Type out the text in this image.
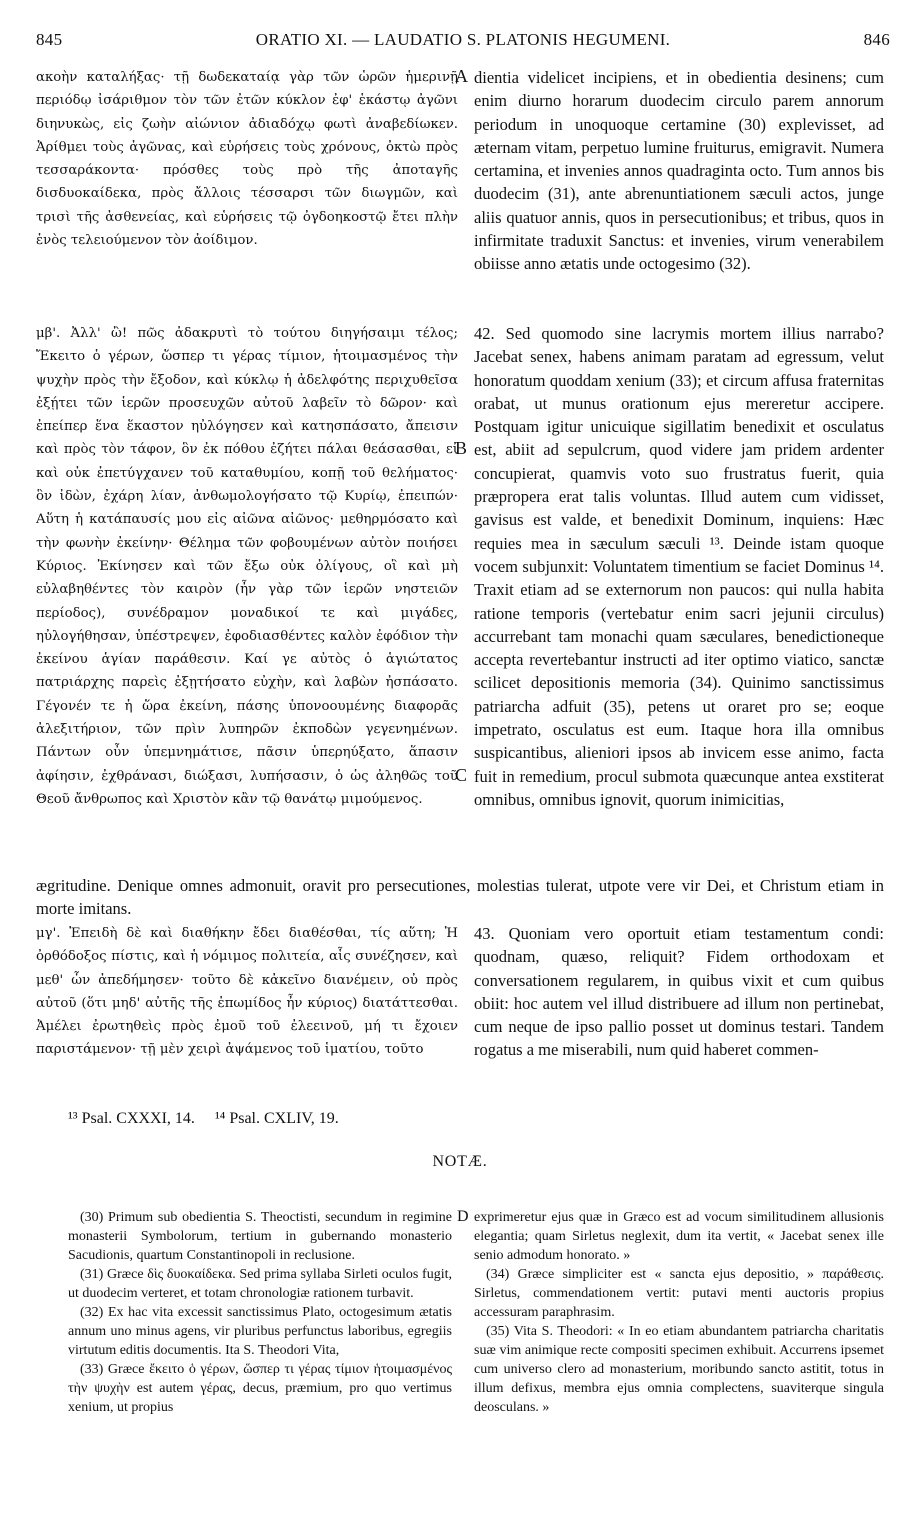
845	ORATIO XI. — LAUDATIO S. PLATONIS HEGUMENI.	846

ακοὴν καταλήξας· τῇ δωδεκαταίᾳ γὰρ τῶν ὡρῶν ἡμερινῇ περιόδῳ ἰσάριθμον τὸν τῶν ἐτῶν κύκλον ἐφ' ἑκάστῳ ἀγῶνι διηνυκὼς, εἰς ζωὴν αἰώνιον ἀδιαδόχῳ φωτὶ ἀναβεδίωκεν. Ἀρίθμει τοὺς ἀγῶνας, καὶ εὑρήσεις τοὺς χρόνους, ὀκτὼ πρὸς τεσσαράκοντα· πρόσθες τοὺς πρὸ τῆς ἀποταγῆς δισδυοκαίδεκα, πρὸς ἄλλοις τέσσαρσι τῶν διωγμῶν, καὶ τρισὶ τῆς ἀσθενείας, καὶ εὑρήσεις τῷ ὀγδοηκοστῷ ἔτει πλὴν ἑνὸς τελειούμενον τὸν ἀοίδιμον.

dientia videlicet incipiens, et in obedientia desinens; cum enim diurno horarum duodecim circulo parem annorum periodum in unoquoque certamine (30) explevisset, ad æternam vitam, perpetuo lumine fruiturus, emigravit. Numera certamina, et invenies annos quadraginta octo. Tum annos bis duodecim (31), ante abrenuntiationem sæculi actos, junge aliis quatuor annis, quos in persecutionibus; et tribus, quos in infirmitate traduxit Sanctus: et invenies, virum venerabilem obiisse anno ætatis unde octogesimo (32).

μβ'. Ἀλλ' ὢ! πῶς ἀδακρυτὶ τὸ τούτου διηγήσαιμι τέλος; Ἔκειτο ὁ γέρων, ὥσπερ τι γέρας τίμιον, ἡτοιμασμένος τὴν ψυχὴν πρὸς τὴν ἔξοδον, καὶ κύκλῳ ἡ ἀδελφότης περιχυθεῖσα ἐξῄτει τῶν ἱερῶν προσευχῶν αὐτοῦ λαβεῖν τὸ δῶρον· καὶ ἐπείπερ ἕνα ἕκαστον ηὐλόγησεν καὶ κατησπάσατο, ἄπεισιν καὶ πρὸς τὸν τάφον, ὃν ἐκ πόθου ἐζήτει πάλαι θεάσασθαι, εἰ καὶ οὐκ ἐπετύγχανεν τοῦ καταθυμίου, κοπῇ τοῦ θελήματος· ὃν ἰδὼν, ἐχάρη λίαν, ἀνθωμολογήσατο τῷ Κυρίῳ, ἐπειπών· Αὕτη ἡ κατάπαυσίς μου εἰς αἰῶνα αἰῶνος· μεθηρμόσατο καὶ τὴν φωνὴν ἐκείνην· Θέλημα τῶν φοβουμένων αὐτὸν ποιήσει Κύριος. Ἐκίνησεν καὶ τῶν ἔξω οὐκ ὀλίγους, οἳ καὶ μὴ εὐλαβηθέντες τὸν καιρὸν (ἦν γὰρ τῶν ἱερῶν νηστειῶν περίοδος), συνέδραμον μοναδικοί τε καὶ μιγάδες, ηὐλογήθησαν, ὑπέστρεψεν, ἐφοδιασθέντες καλὸν ἐφόδιον τὴν ἐκείνου ἁγίαν παράθεσιν. Καί γε αὐτὸς ὁ ἁγιώτατος πατριάρχης παρεὶς ἐξῃτήσατο εὐχὴν, καὶ λαβὼν ἠσπάσατο. Γέγονέν τε ἡ ὥρα ἐκείνη, πάσης ὑπονοουμένης διαφορᾶς ἀλεξιτήριον, τῶν πρὶν λυπηρῶν ἐκποδὼν γεγενημένων. Πάντων οὖν ὑπεμνημάτισε, πᾶσιν ὑπερηύξατο, ἅπασιν ἀφίησιν, ἐχθράνασι, διώξασι, λυπήσασιν, ὁ ὡς ἀληθῶς τοῦ Θεοῦ ἄνθρωπος καὶ Χριστὸν κἂν τῷ θανάτῳ μιμούμενος.

42. Sed quomodo sine lacrymis mortem illius narrabo? Jacebat senex, habens animam paratam ad egressum, velut honoratum quoddam xenium (33); et circum affusa fraternitas orabat, ut munus orationum ejus mereretur accipere. Postquam igitur unicuique sigillatim benedixit et osculatus est, abiit ad sepulcrum, quod videre jam pridem ardenter concupierat, quamvis voto suo frustratus fuerit, quia præpropera erat talis voluntas. Illud autem cum vidisset, gavisus est valde, et benedixit Dominum, inquiens: Hæc requies mea in sæculum sæculi ¹³. Deinde istam quoque vocem subjunxit: Voluntatem timentium se faciet Dominus ¹⁴. Traxit etiam ad se externorum non paucos: qui nulla habita ratione temporis (vertebatur enim sacri jejunii circulus) accurrebant tam monachi quam sæculares, benedictioneque accepta revertebantur instructi ad iter optimo viatico, sanctæ scilicet depositionis memoria (34). Quinimo sanctissimus patriarcha adfuit (35), petens ut oraret pro se; eoque impetrato, osculatus est eum. Itaque hora illa omnibus suspicantibus, alieniori ipsos ab invicem esse animo, facta fuit in remedium, procul submota quæcunque antea exstiterat omnibus, omnibus ignovit, quorum inimicitias,

ægritudine. Denique omnes admonuit, oravit pro persecutiones, molestias tulerat, utpote vere vir Dei, et Christum etiam in morte imitans.

μγ'. Ἐπειδὴ δὲ καὶ διαθήκην ἔδει διαθέσθαι, τίς αὕτη; Ἡ ὀρθόδοξος πίστις, καὶ ἡ νόμιμος πολιτεία, αἷς συνέζησεν, καὶ μεθ' ὧν ἀπεδήμησεν· τοῦτο δὲ κἀκεῖνο διανέμειν, οὐ πρὸς αὐτοῦ (ὅτι μηδ' αὐτῆς τῆς ἐπωμίδος ἦν κύριος) διατάττεσθαι. Ἀμέλει ἐρωτηθεὶς πρὸς ἐμοῦ τοῦ ἐλεεινοῦ, μή τι ἔχοιεν παριστάμενον· τῇ μὲν χειρὶ ἀψάμενος τοῦ ἱματίου, τοῦτο

43. Quoniam vero oportuit etiam testamentum condi: quodnam, quæso, reliquit? Fidem orthodoxam et conversationem regularem, in quibus vixit et cum quibus obiit: hoc autem vel illud distribuere ad illum non pertinebat, cum neque de ipso pallio posset ut dominus testari. Tandem rogatus a me miserabili, num quid haberet commen-

A
B
C
¹³ Psal. CXXXI, 14. ¹⁴ Psal. CXLIV, 19.
NOTÆ.
D

(30) Primum sub obedientia S. Theoctisti, secundum in regimine monasterii Symbolorum, tertium in gubernando monasterio Sacudionis, quartum Constantinopoli in reclusione.

(31) Græce δὶς δυοκαίδεκα. Sed prima syllaba Sirleti oculos fugit, ut duodecim verteret, et totam chronologiæ rationem turbavit.

(32) Ex hac vita excessit sanctissimus Plato, octogesimum ætatis annum uno minus agens, vir pluribus perfunctus laboribus, egregiis virtutum editis documentis. Ita S. Theodori Vita,

(33) Græce ἔκειτο ὁ γέρων, ὥσπερ τι γέρας τίμιον ἡτοιμασμένος τὴν ψυχὴν est autem γέρας, decus, præmium, pro quo vertimus xenium, ut propius

exprimeretur ejus quæ in Græco est ad vocum similitudinem allusionis elegantia; quam Sirletus neglexit, dum ita vertit, « Jacebat senex ille senio admodum honorato. »

(34) Græce simpliciter est « sancta ejus depositio, » παράθεσις. Sirletus, commendationem vertit: putavi menti auctoris propius accessuram paraphrasim.

(35) Vita S. Theodori: « In eo etiam abundantem patriarcha charitatis suæ vim animique recte compositi specimen exhibuit. Accurrens ipsemet cum universo clero ad monasterium, moribundo sancto astitit, totus in illum defixus, membra ejus omnia complectens, suaviterque singula deosculans. »
